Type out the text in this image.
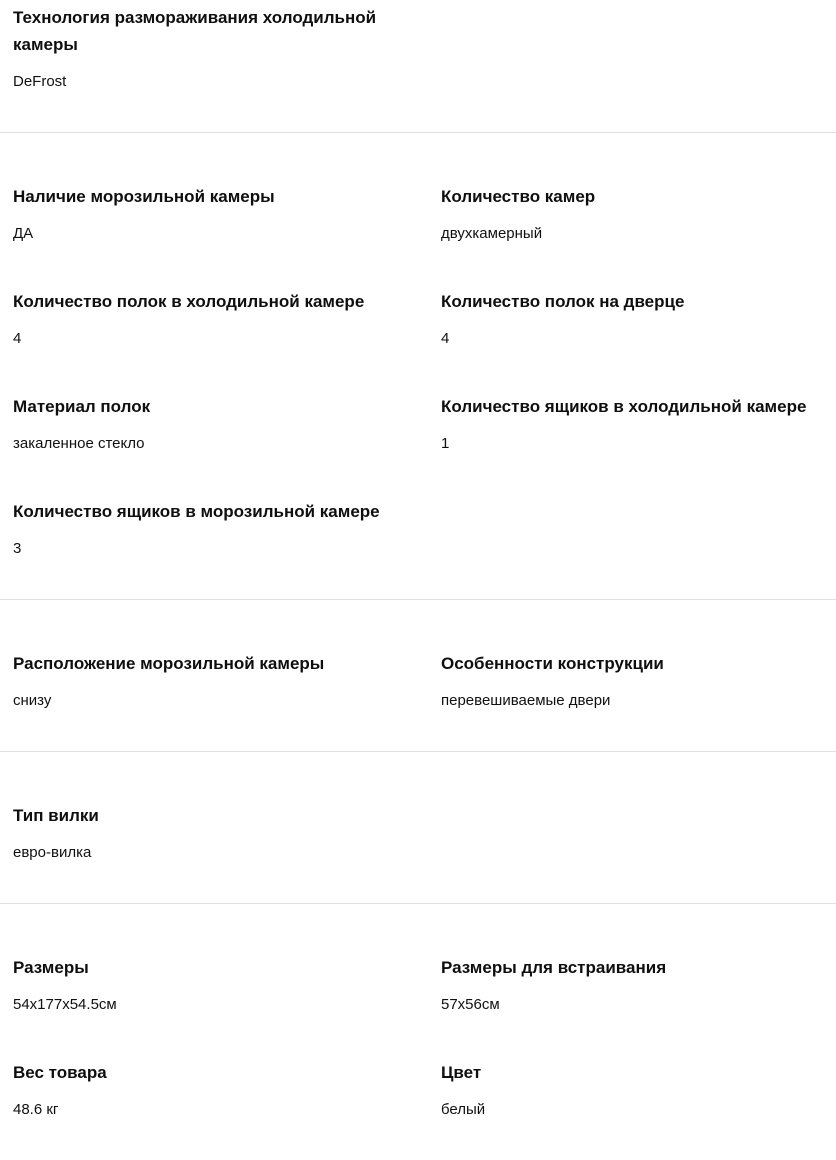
Технология размораживания холодильной камеры
DeFrost
Наличие морозильной камеры
ДА
Количество камер
двухкамерный
Количество полок в холодильной камере
4
Количество полок на дверце
4
Материал полок
закаленное стекло
Количество ящиков в холодильной камере
1
Количество ящиков в морозильной камере
3
Расположение морозильной камеры
снизу
Особенности конструкции
перевешиваемые двери
Тип вилки
евро-вилка
Размеры
54х177х54.5см
Размеры для встраивания
57х56см
Вес товара
48.6 кг
Цвет
белый
